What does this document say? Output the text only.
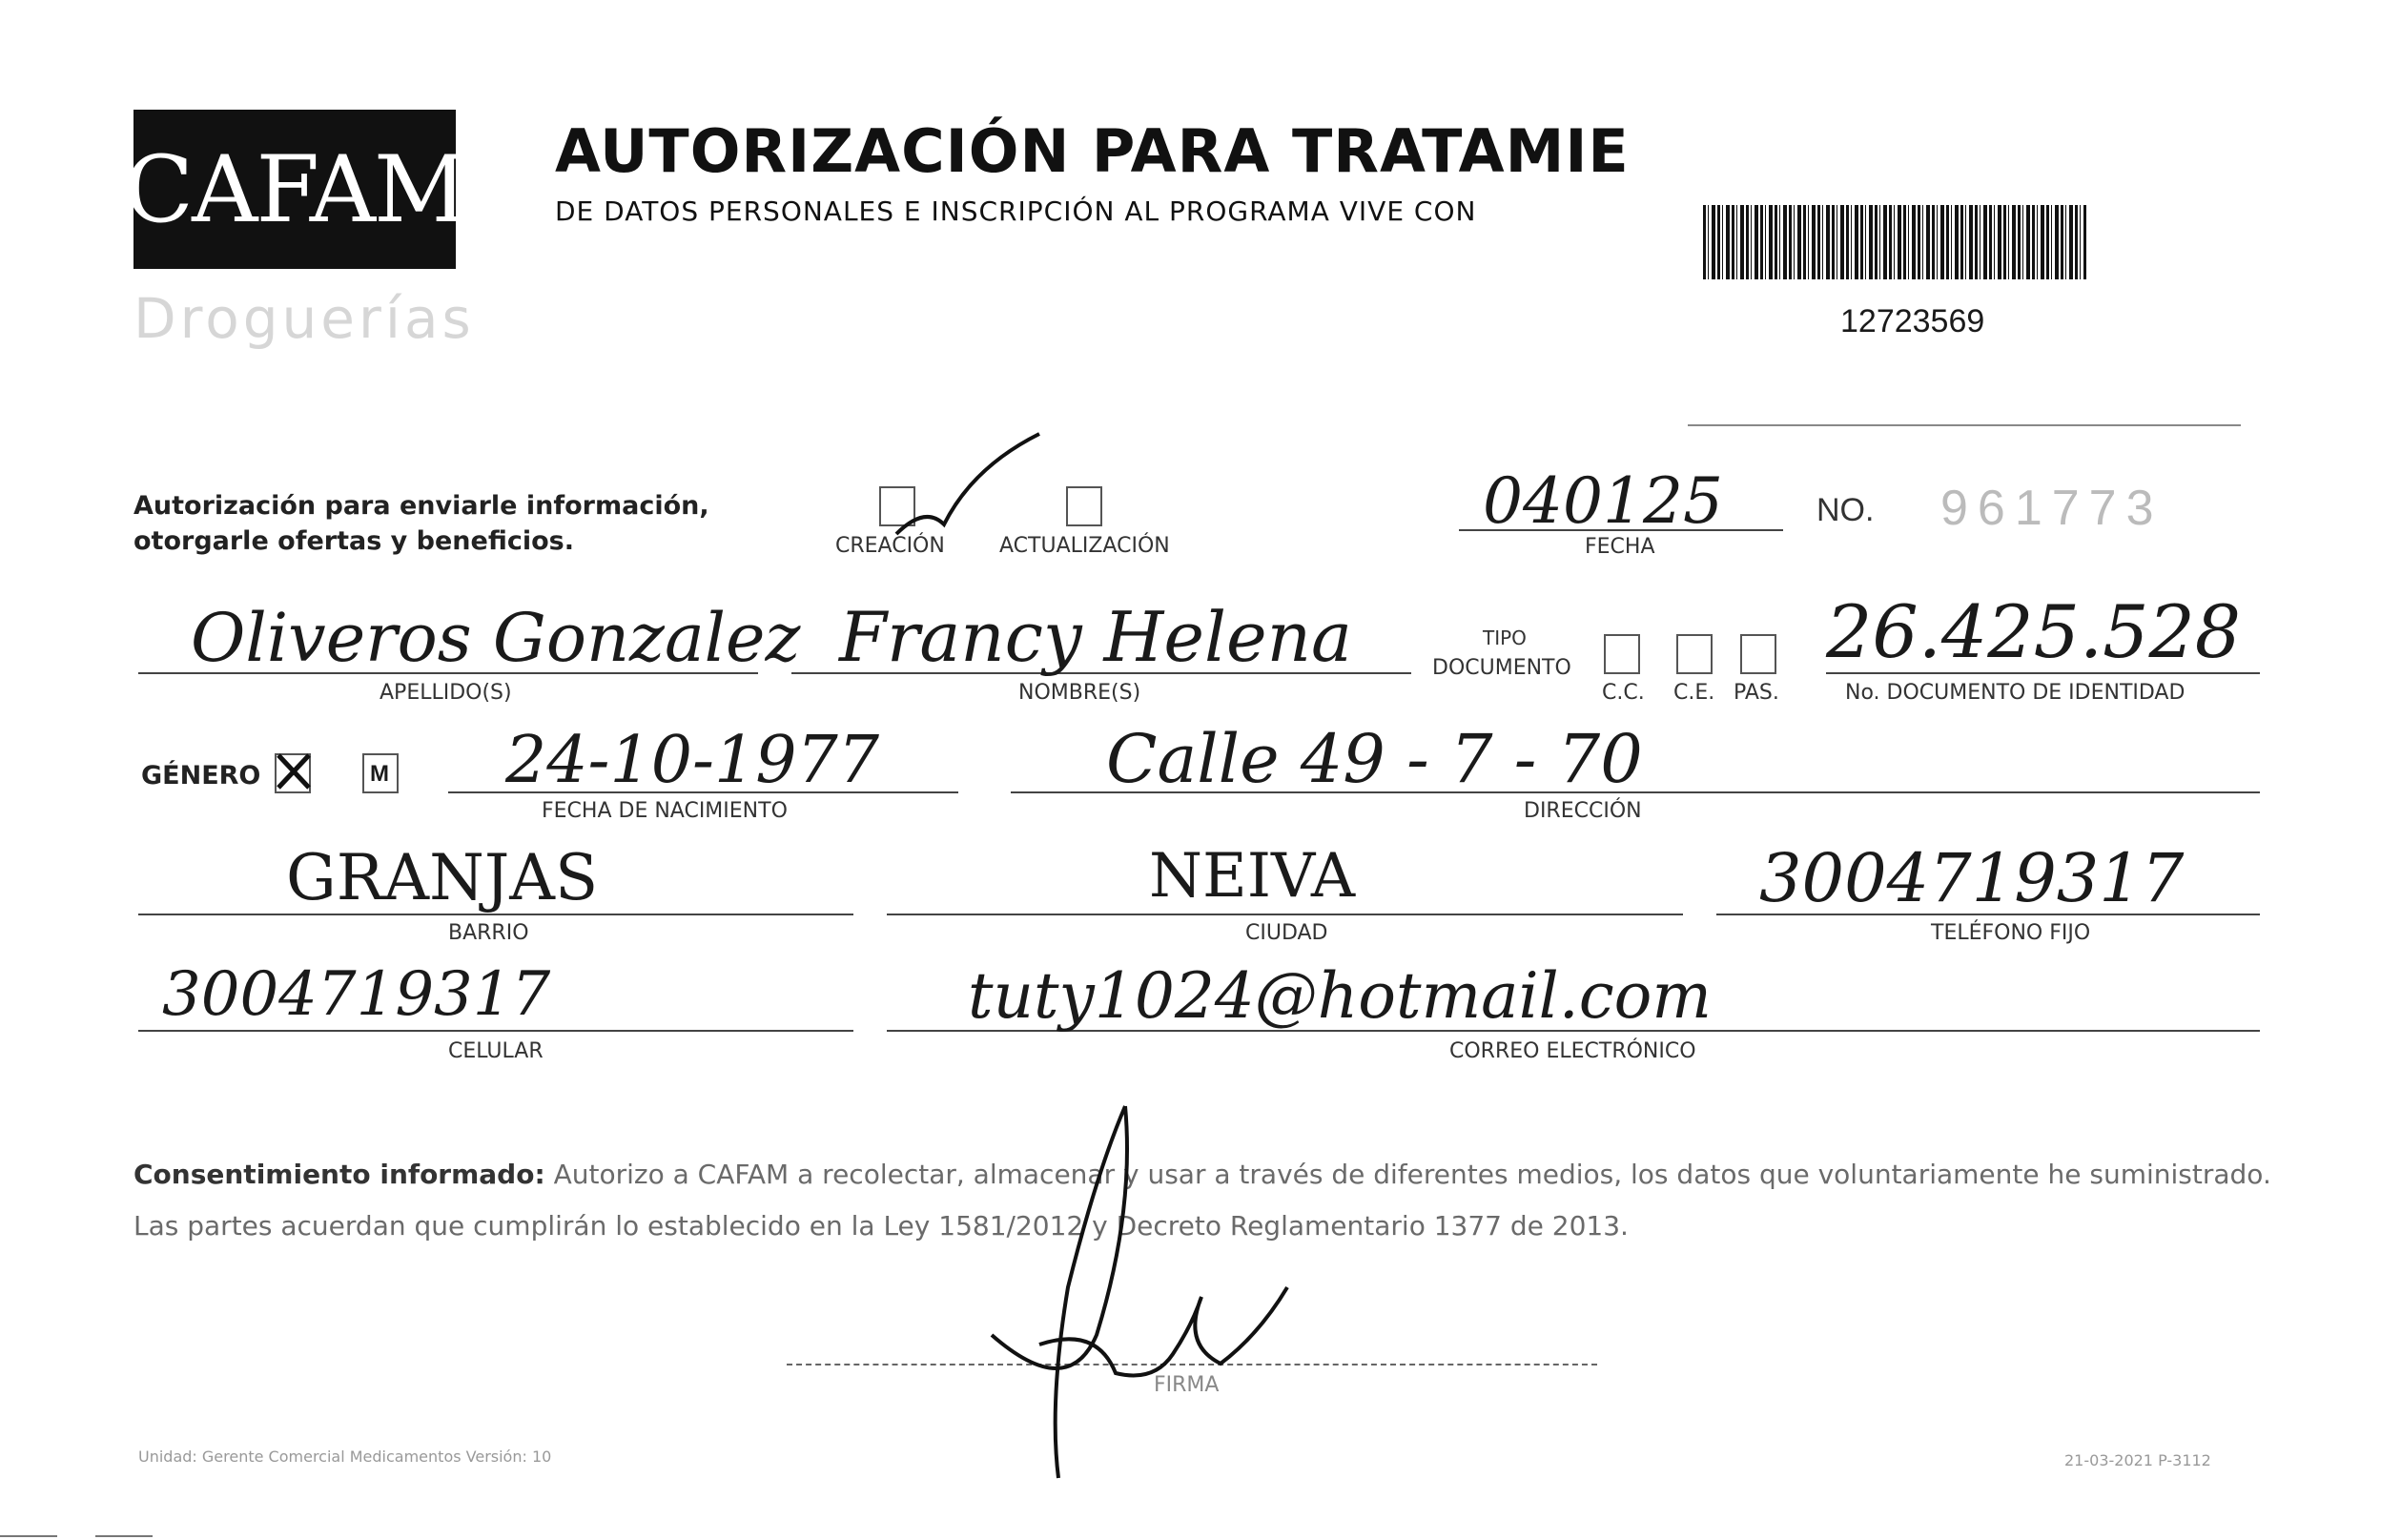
CAFAM
Droguerías
AUTORIZACIÓN PARA TRATAMIE
DE DATOS PERSONALES E INSCRIPCIÓN AL PROGRAMA VIVE CON
12723569
Autorización para enviarle información,
otorgarle ofertas y beneficios.	CREACIÓN	ACTUALIZACIÓN
040125
FECHA
NO. 961773
Oliveros Gonzalez
APELLIDO(S)
Francy Helena
NOMBRE(S)
TIPO
DOCUMENTO
C.C. C.E. PAS.
26.425.528
No. DOCUMENTO DE IDENTIDAD
GÉNERO	M 24-10-1977
FECHA DE NACIMIENTO
Calle 49 - 7 - 70
DIRECCIÓN
GRANJAS
BARRIO
NEIVA
CIUDAD
3004719317
TELÉFONO FIJO
3004719317
CELULAR
tuty1024@hotmail.com
CORREO ELECTRÓNICO
Consentimiento informado: Autorizo a CAFAM a recolectar, almacenar y usar a través de diferentes medios, los datos que voluntariamente he suministrado.
Las partes acuerdan que cumplirán lo establecido en la Ley 1581/2012 y Decreto Reglamentario 1377 de 2013.
FIRMA
Unidad: Gerente Comercial Medicamentos Versión: 10	21-03-2021 P-3112
